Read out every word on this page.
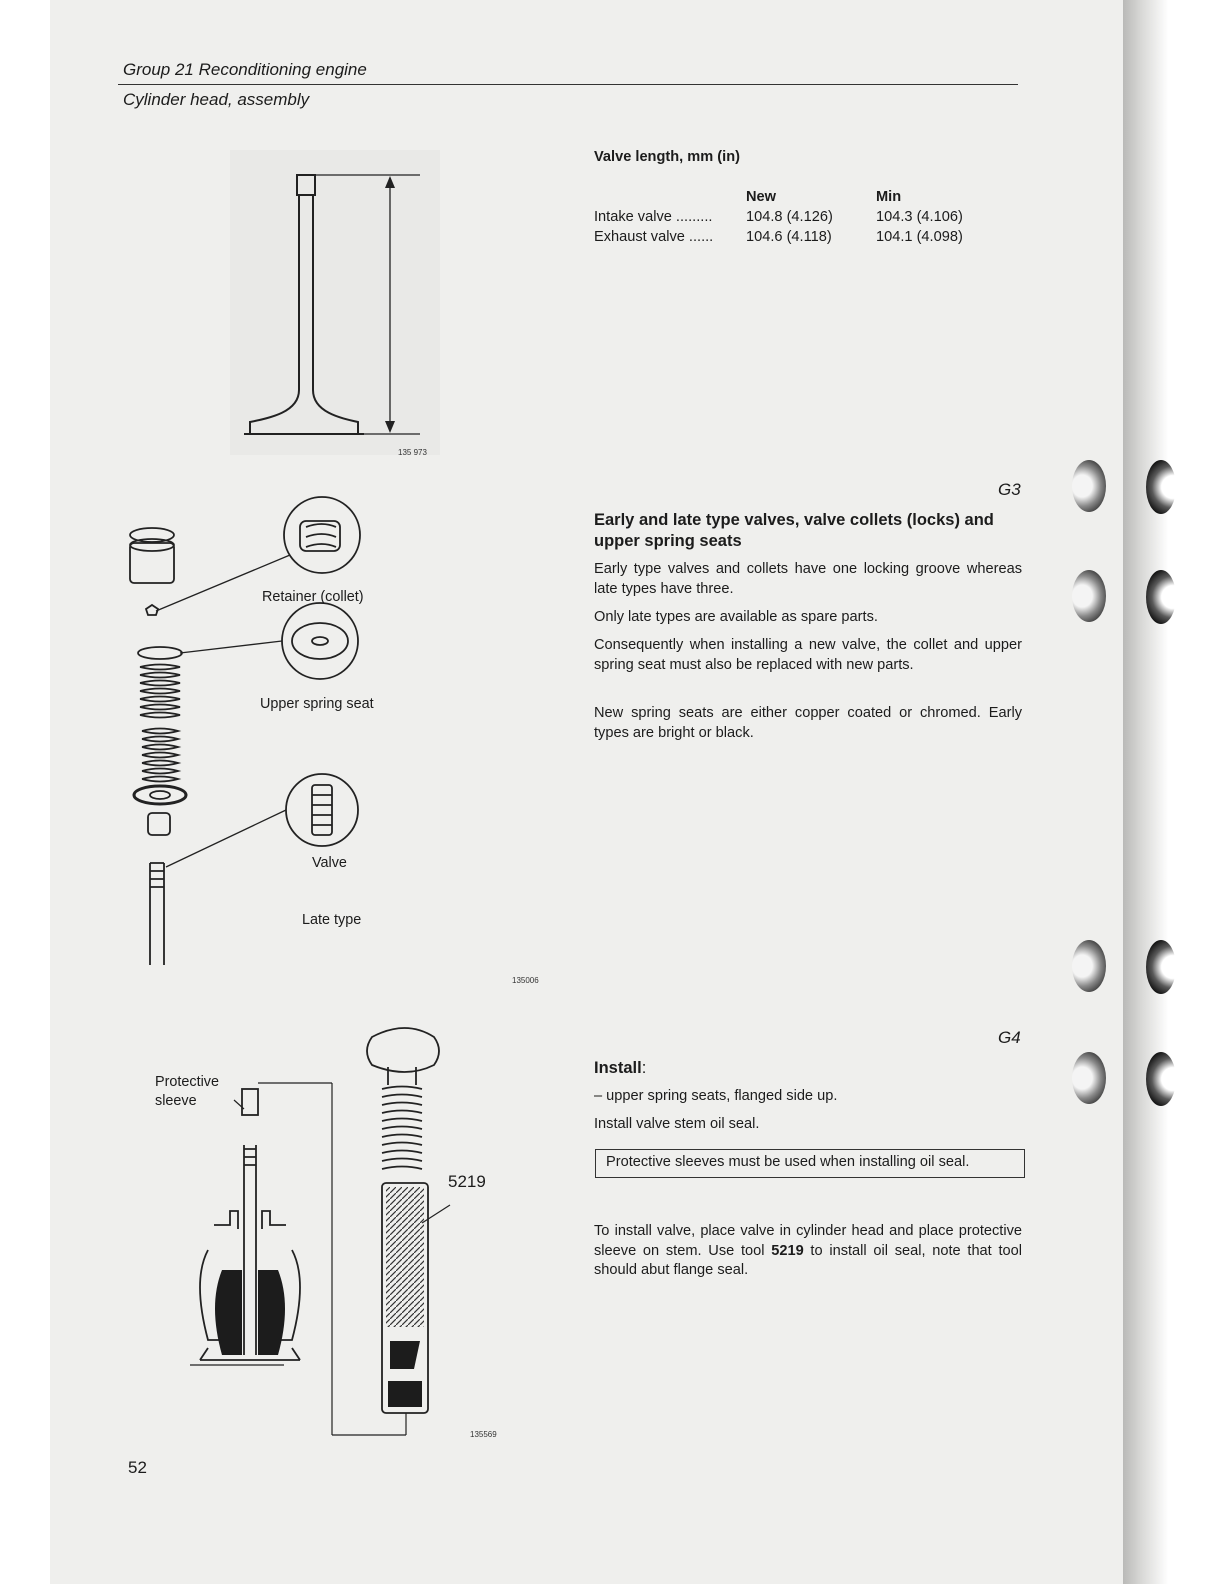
Group 21 Reconditioning engine
Cylinder head, assembly
135 973
Valve length, mm (in)
	New	Min
Intake valve .........	104.8 (4.126)	104.3 (4.106)
Exhaust valve ......	104.6 (4.118)	104.1 (4.098)
G3
Early and late type valves, valve collets (locks) and upper spring seats
Early type valves and collets have one locking groove whereas late types have three.
Only late types are available as spare parts.
Consequently when installing a new valve, the collet and upper spring seat must also be replaced with new parts.
New spring seats are either copper coated or chromed. Early types are bright or black.
Retainer (collet)
Upper spring seat
Valve
Late type
135006
G4
Install:
– upper spring seats, flanged side up.
Install valve stem oil seal.
Protective sleeves must be used when installing oil seal.
To install valve, place valve in cylinder head and place protective sleeve on stem. Use tool 5219 to install oil seal, note that tool should abut flange seal.
Protective
sleeve
5219
135569
52
